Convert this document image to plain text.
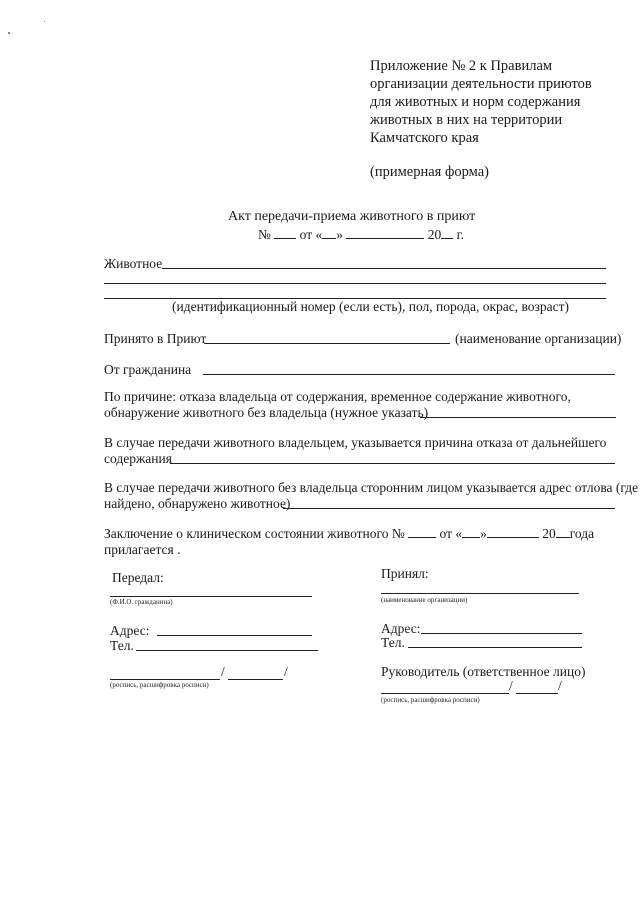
Приложение № 2 к Правилам
организации деятельности приютов
для животных и норм содержания
животных в них на территории
Камчатского края
(примерная форма)
Акт передачи-приема животного в приют
№ от « »	20 г.
Животное
(идентификационный номер (если есть), пол, порода, окрас, возраст)
Принято в Приют	(наименование организации)
От гражданина
По причине: отказа владельца от содержания, временное содержание животного,
обнаружение животного без владельца (нужное указать)
В случае передачи животного владельцем, указывается причина отказа от дальнейшего
содержания
В случае передачи животного без владельца сторонним лицом указывается адрес отлова (где
найдено, обнаружено животное)
Заключение о клиническом состоянии животного №	от « »	20 года
прилагается .
Передал:
(Ф.И.О. гражданина)
Адрес:
Тел.
/	/
(роспись, расшифровка росписи)
Принял:
(наименование организации)
Адрес:
Тел.
Руководитель (ответственное лицо)
/	/
(роспись, расшифровка росписи)
